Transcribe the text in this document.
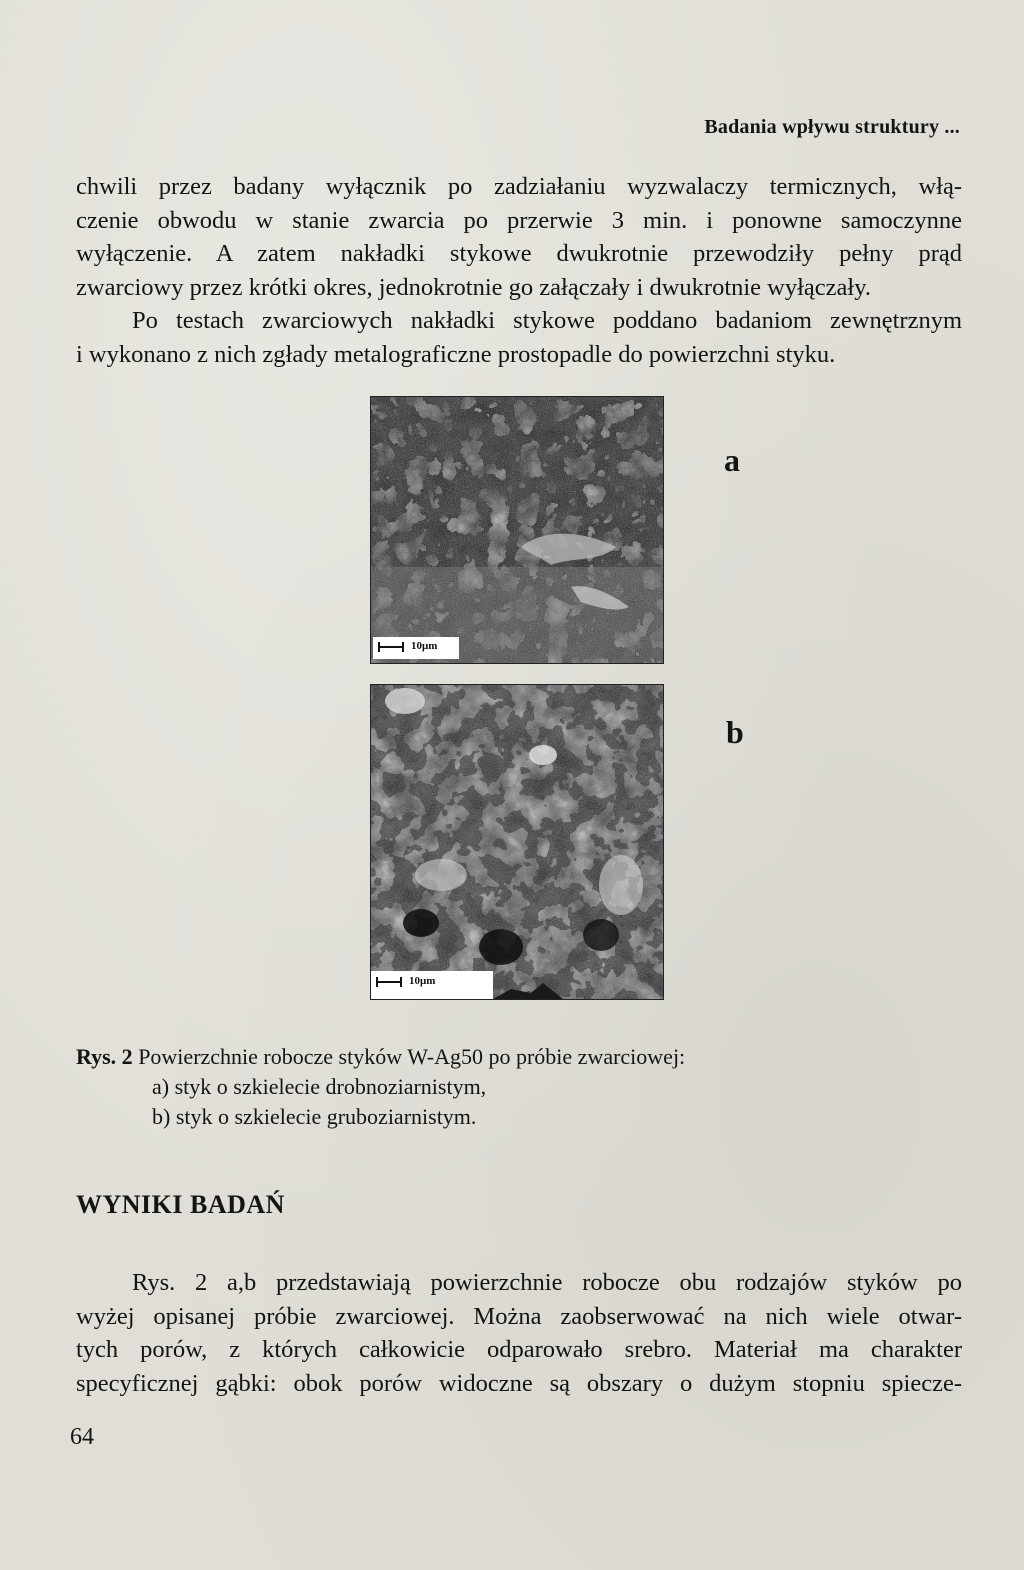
Badania wpływu struktury ...

chwili przez badany wyłącznik po zadziałaniu wyzwalaczy termicznych, włą-

czenie obwodu w stanie zwarcia po przerwie 3 min. i ponowne samoczynne

wyłączenie. A zatem nakładki stykowe dwukrotnie przewodziły pełny prąd

zwarciowy przez krótki okres, jednokrotnie go załączały i dwukrotnie wyłączały.

Po testach zwarciowych nakładki stykowe poddano badaniom zewnętrznym

i wykonano z nich zgłady metalograficzne prostopadle do powierzchni styku.

10μm
a
10μm
b
Rys. 2 Powierzchnie robocze styków W-Ag50 po próbie zwarciowej:
a) styk o szkielecie drobnoziarnistym,
b) styk o szkielecie gruboziarnistym.
WYNIKI BADAŃ

Rys. 2 a,b przedstawiają powierzchnie robocze obu rodzajów styków po

wyżej opisanej próbie zwarciowej. Można zaobserwować na nich wiele otwar-

tych porów, z których całkowicie odparowało srebro. Materiał ma charakter

specyficznej gąbki: obok porów widoczne są obszary o dużym stopniu spiecze-

64
